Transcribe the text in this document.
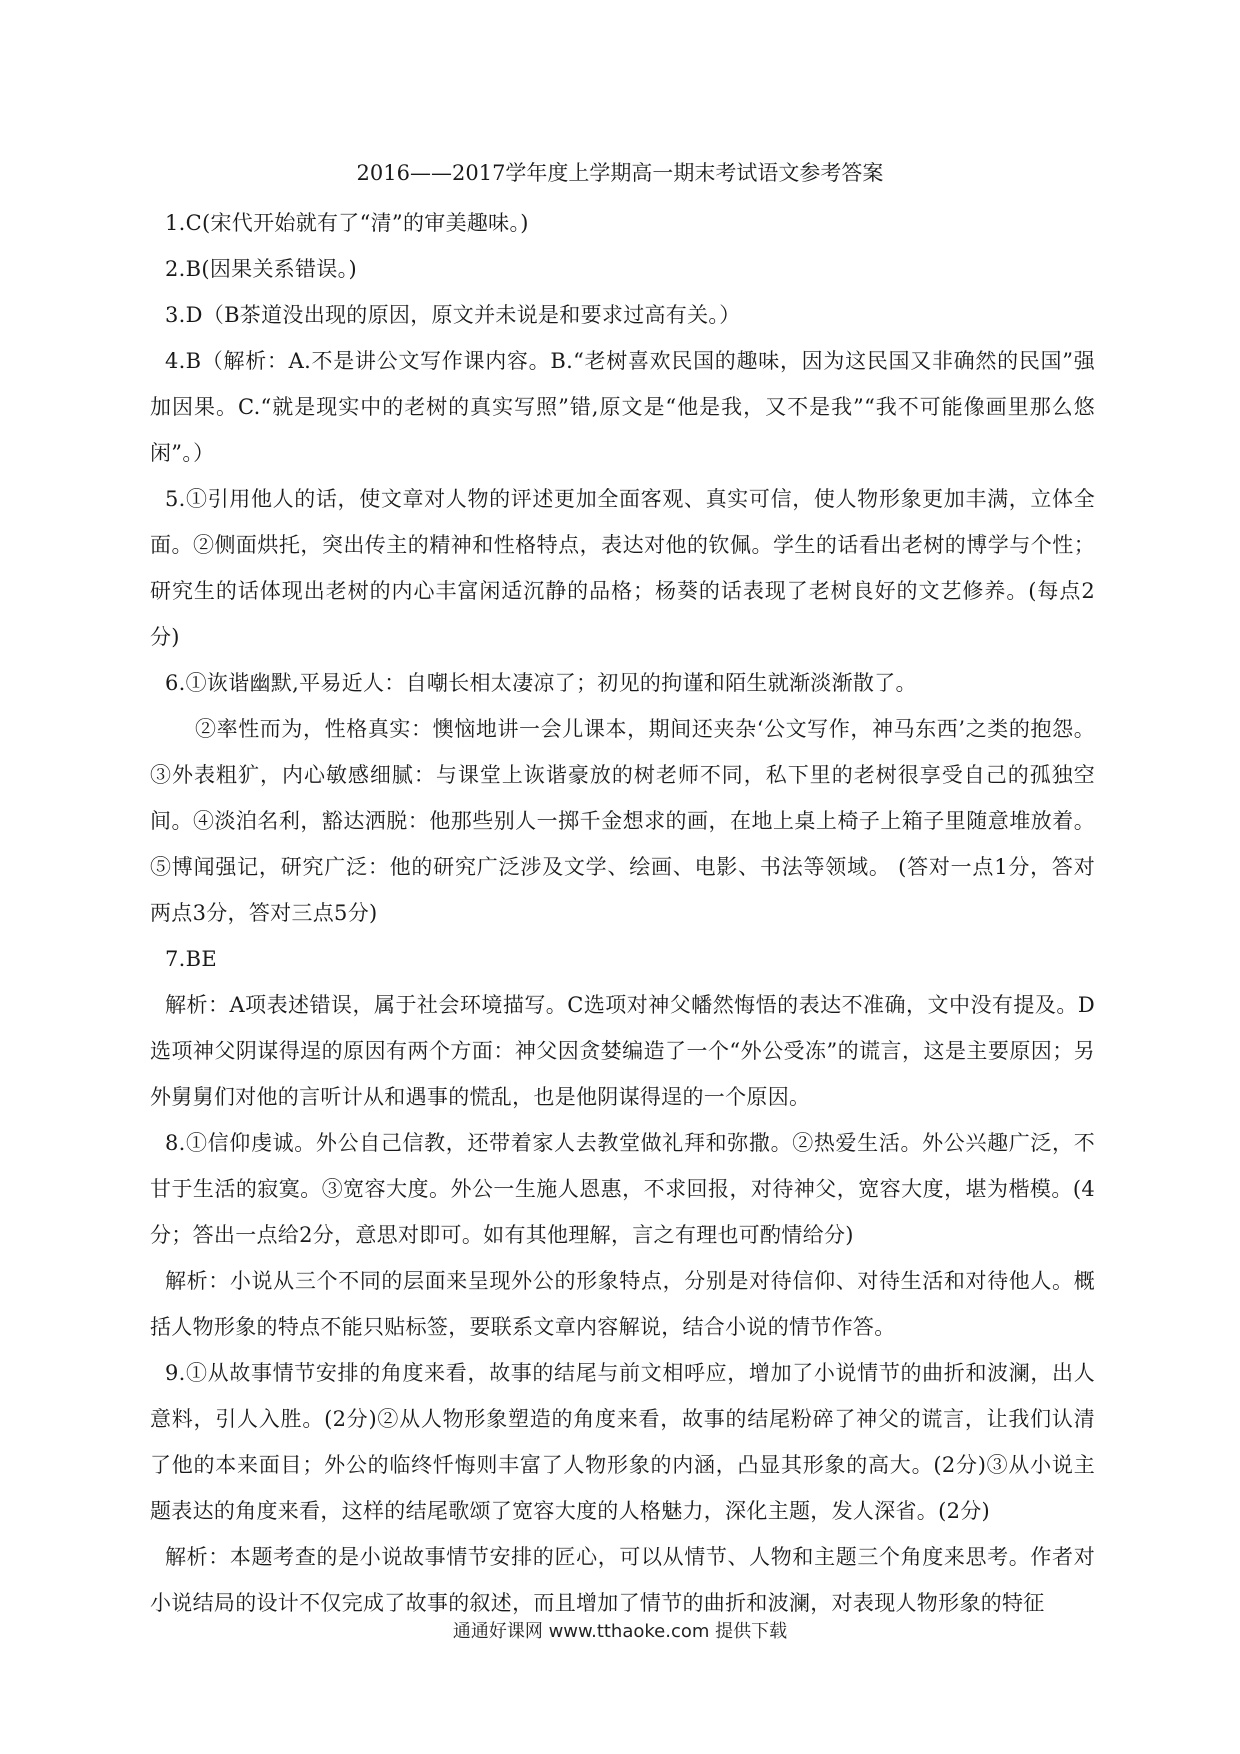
2016——2017学年度上学期高一期末考试语文参考答案

1.C(宋代开始就有了“清”的审美趣味。)

2.B(因果关系错误。)

3.D（B茶道没出现的原因，原文并未说是和要求过高有关。）

4.B（解析：A.不是讲公文写作课内容。B.“老树喜欢民国的趣味，因为这民国又非确然的民国”强加因果。C.“就是现实中的老树的真实写照”错,原文是“他是我，又不是我”“我不可能像画里那么悠闲”。）

5.①引用他人的话，使文章对人物的评述更加全面客观、真实可信，使人物形象更加丰满，立体全面。②侧面烘托，突出传主的精神和性格特点，表达对他的钦佩。学生的话看出老树的博学与个性；研究生的话体现出老树的内心丰富闲适沉静的品格；杨葵的话表现了老树良好的文艺修养。(每点2分)

6.①诙谐幽默,平易近人：自嘲长相太凄凉了；初见的拘谨和陌生就渐淡渐散了。

②率性而为，性格真实：懊恼地讲一会儿课本，期间还夹杂‘公文写作，神马东西’之类的抱怨。③外表粗犷，内心敏感细腻：与课堂上诙谐豪放的树老师不同，私下里的老树很享受自己的孤独空间。④淡泊名利，豁达洒脱：他那些别人一掷千金想求的画，在地上桌上椅子上箱子里随意堆放着。⑤博闻强记，研究广泛：他的研究广泛涉及文学、绘画、电影、书法等领域。 (答对一点1分，答对两点3分，答对三点5分)

7.BE

解析：A项表述错误，属于社会环境描写。C选项对神父幡然悔悟的表达不准确，文中没有提及。D选项神父阴谋得逞的原因有两个方面：神父因贪婪编造了一个“外公受冻”的谎言，这是主要原因；另外舅舅们对他的言听计从和遇事的慌乱，也是他阴谋得逞的一个原因。

8.①信仰虔诚。外公自己信教，还带着家人去教堂做礼拜和弥撒。②热爱生活。外公兴趣广泛，不甘于生活的寂寞。③宽容大度。外公一生施人恩惠，不求回报，对待神父，宽容大度，堪为楷模。(4分；答出一点给2分，意思对即可。如有其他理解，言之有理也可酌情给分)

解析：小说从三个不同的层面来呈现外公的形象特点，分别是对待信仰、对待生活和对待他人。概括人物形象的特点不能只贴标签，要联系文章内容解说，结合小说的情节作答。

9.①从故事情节安排的角度来看，故事的结尾与前文相呼应，增加了小说情节的曲折和波澜，出人意料，引人入胜。(2分)②从人物形象塑造的角度来看，故事的结尾粉碎了神父的谎言，让我们认清了他的本来面目；外公的临终忏悔则丰富了人物形象的内涵，凸显其形象的高大。(2分)③从小说主题表达的角度来看，这样的结尾歌颂了宽容大度的人格魅力，深化主题，发人深省。(2分)

解析：本题考查的是小说故事情节安排的匠心，可以从情节、人物和主题三个角度来思考。作者对小说结局的设计不仅完成了故事的叙述，而且增加了情节的曲折和波澜，对表现人物形象的特征

通通好课网 www.tthaoke.com 提供下载
